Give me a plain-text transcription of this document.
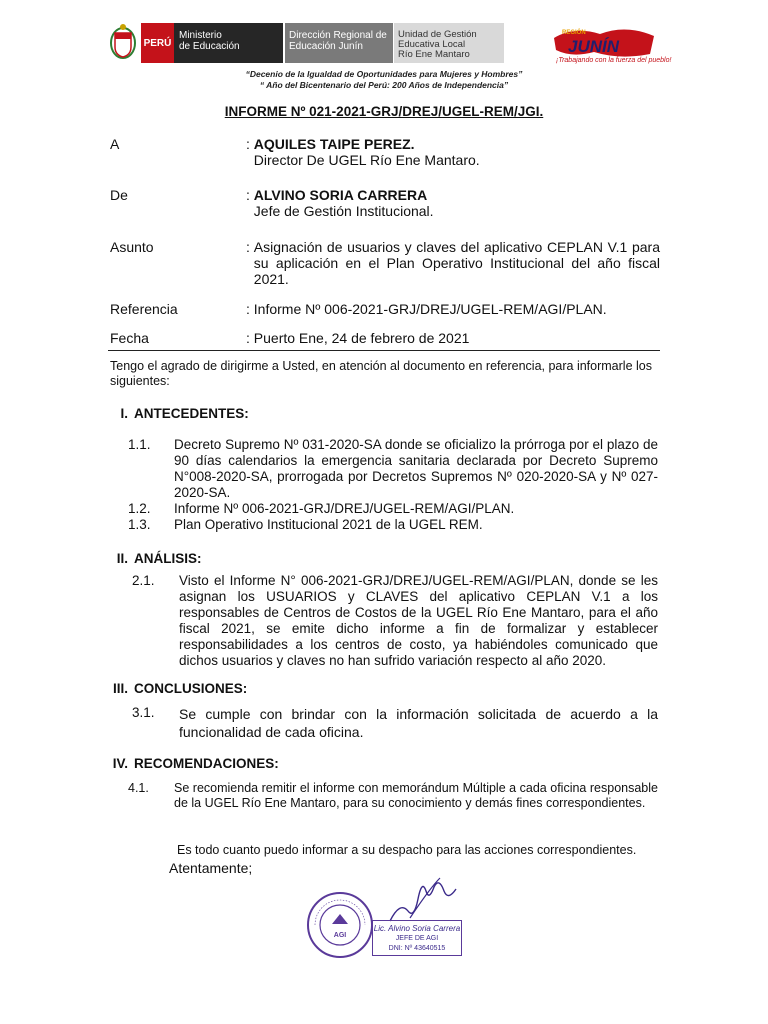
PERÚ
Ministerio
de Educación
Dirección Regional de
Educación Junín
Unidad de Gestión
Educativa Local
Río Ene Mantaro
REGIÓN
JUNÍN
¡Trabajando con la fuerza del pueblo!
“Decenio de la Igualdad de Oportunidades para Mujeres y Hombres”
“ Año del Bicentenario del Perú: 200 Años de Independencia”
INFORME Nº 021-2021-GRJ/DREJ/UGEL-REM/JGI.
A	: AQUILES TAIPE PEREZ.
Director De UGEL Río Ene Mantaro.
De	: ALVINO SORIA CARRERA
Jefe de Gestión Institucional.
Asunto	: Asignación de usuarios y claves del aplicativo CEPLAN V.1 para su aplicación en el Plan Operativo Institucional del año fiscal 2021.
Referencia	: Informe Nº 006-2021-GRJ/DREJ/UGEL-REM/AGI/PLAN.
Fecha	: Puerto Ene, 24 de febrero de 2021
Tengo el agrado de dirigirme a Usted, en atención al documento en referencia, para informarle los siguientes:
I. ANTECEDENTES:
1.1. Decreto Supremo Nº 031-2020-SA donde se oficializo la prórroga por el plazo de 90 días calendarios la emergencia sanitaria declarada por Decreto Supremo N°008-2020-SA, prorrogada por Decretos Supremos Nº 020-2020-SA y Nº 027-2020-SA.
1.2. Informe Nº 006-2021-GRJ/DREJ/UGEL-REM/AGI/PLAN.
1.3. Plan Operativo Institucional 2021 de la UGEL REM.
II. ANÁLISIS:
2.1. Visto el Informe N° 006-2021-GRJ/DREJ/UGEL-REM/AGI/PLAN, donde se les asignan los USUARIOS y CLAVES del aplicativo CEPLAN V.1 a los responsables de Centros de Costos de la UGEL Río Ene Mantaro, para el año fiscal 2021, se emite dicho informe a fin de formalizar y establecer responsabilidades a los centros de costo, ya habiéndoles comunicado que dichos usuarios y claves no han sufrido variación respecto al año 2020.
III. CONCLUSIONES:
3.1. Se cumple con brindar con la información solicitada de acuerdo a la funcionalidad de cada oficina.
IV. RECOMENDACIONES:
4.1. Se recomienda remitir el informe con memorándum Múltiple a cada oficina responsable de la UGEL Río Ene Mantaro, para su conocimiento y demás fines correspondientes.
Es todo cuanto puedo informar a su despacho para las acciones correspondientes.
Atentamente;
AGI
Lic. Alvino Soria Carrera
JEFE DE AGI
DNI: Nº 43640515
